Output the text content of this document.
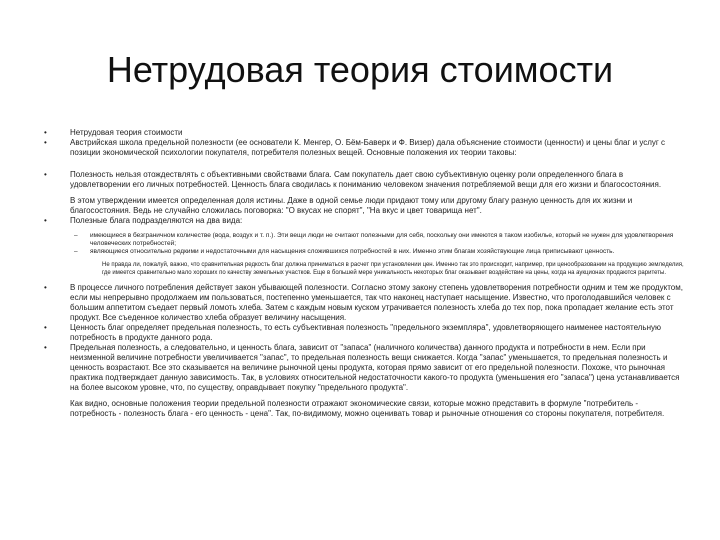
Нетрудовая теория стоимости
• Нетрудовая теория стоимости
• Австрийская школа предельной полезности (ее основатели К. Менгер, О. Бём-Баверк и Ф. Визер) дала объяснение стоимости (ценности) и цены благ и услуг с позиции экономической психологии покупателя, потребителя полезных вещей. Основные положения их теории таковы:
• Полезность нельзя отождествлять с объективными свойствами блага. Сам покупатель дает свою субъективную оценку роли определенного блага в удовлетворении его личных потребностей. Ценность блага сводилась к пониманию человеком значения потребляемой вещи для его жизни и благосостояния.
В этом утверждении имеется определенная доля истины. Даже в одной семье люди придают тому или другому благу разную ценность для их жизни и благосостояния. Ведь не случайно сложилась поговорка: "О вкусах не спорят", "На вкус и цвет товарища нет".
• Полезные блага подразделяются на два вида:
– имеющиеся в безграничном количестве (вода, воздух и т. п.). Эти вещи люди не считают полезными для себя, поскольку они имеются в таком изобилье, который не нужен для удовлетворения человеческих потребностей;
– являющиеся относительно редкими и недостаточными для насыщения сложившихся потребностей в них. Именно этим благам хозяйствующие лица приписывают ценность.
Не правда ли, пожалуй, важно, что сравнительная редкость благ должна приниматься в расчет при установлении цен. Именно так это происходит, например, при ценообразовании на продукцию земледелия, где имеется сравнительно мало хороших по качеству земельных участков. Еще в большей мере уникальность некоторых благ оказывает воздействие на цены, когда на аукционах продаются раритеты.
• В процессе личного потребления действует закон убывающей полезности. Согласно этому закону степень удовлетворения потребности одним и тем же продуктом, если мы непрерывно продолжаем им пользоваться, постепенно уменьшается, так что наконец наступает насыщение. Известно, что проголодавшийся человек с большим аппетитом съедает первый ломоть хлеба. Затем с каждым новым куском утрачивается полезность хлеба до тех пор, пока пропадает желание есть этот продукт. Все съеденное количество хлеба образует величину насыщения.
• Ценность благ определяет предельная полезность, то есть субъективная полезность "предельного экземпляра", удовлетворяющего наименее настоятельную потребность в продукте данного рода.
• Предельная полезность, а следовательно, и ценность блага, зависит от "запаса" (наличного количества) данного продукта и потребности в нем. Если при неизменной величине потребности увеличивается "запас", то предельная полезность вещи снижается. Когда "запас" уменьшается, то предельная полезность и ценность возрастают. Все это сказывается на величине рыночной цены продукта, которая прямо зависит от его предельной полезности. Похоже, что рыночная практика подтверждает данную зависимость. Так, в условиях относительной недостаточности какого-то продукта (уменьшения его "запаса") цена устанавливается на более высоком уровне, что, по существу, оправдывает покупку "предельного продукта".
Как видно, основные положения теории предельной полезности отражают экономические связи, которые можно представить в формуле "потребитель - потребность - полезность блага - его ценность - цена". Так, по-видимому, можно оценивать товар и рыночные отношения со стороны покупателя, потребителя.
